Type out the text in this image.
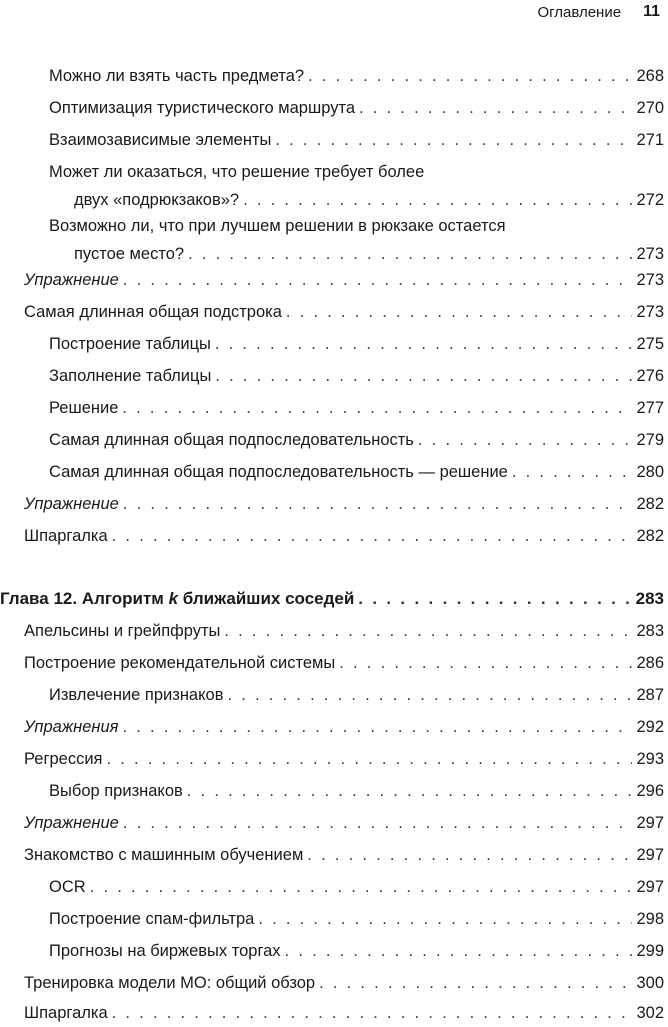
Оглавление 11
Можно ли взять часть предмета? . . .	268
Оптимизация туристического маршрута . . .	270
Взаимозависимые элементы . . .	271
Может ли оказаться, что решение требует более
двух «подрюкзаков»? . . .	272
Возможно ли, что при лучшем решении в рюкзаке остается
пустое место? . . .	273
Упражнение . . .	273
Самая длинная общая подстрока . . .	273
Построение таблицы . . .	275
Заполнение таблицы . . .	276
Решение . . .	277
Самая длинная общая подпоследовательность . . .	279
Самая длинная общая подпоследовательность — решение . . .	280
Упражнение . . .	282
Шпаргалка . . .	282
Глава 12. Алгоритм k ближайших соседей . . .	283
Апельсины и грейпфруты . . .	283
Построение рекомендательной системы . . .	286
Извлечение признаков . . .	287
Упражнения . . .	292
Регрессия . . .	293
Выбор признаков . . .	296
Упражнение . . .	297
Знакомство с машинным обучением . . .	297
OCR . . .	297
Построение спам-фильтра . . .	298
Прогнозы на биржевых торгах . . .	299
Тренировка модели МО: общий обзор . . .	300
Шпаргалка . . .	302
